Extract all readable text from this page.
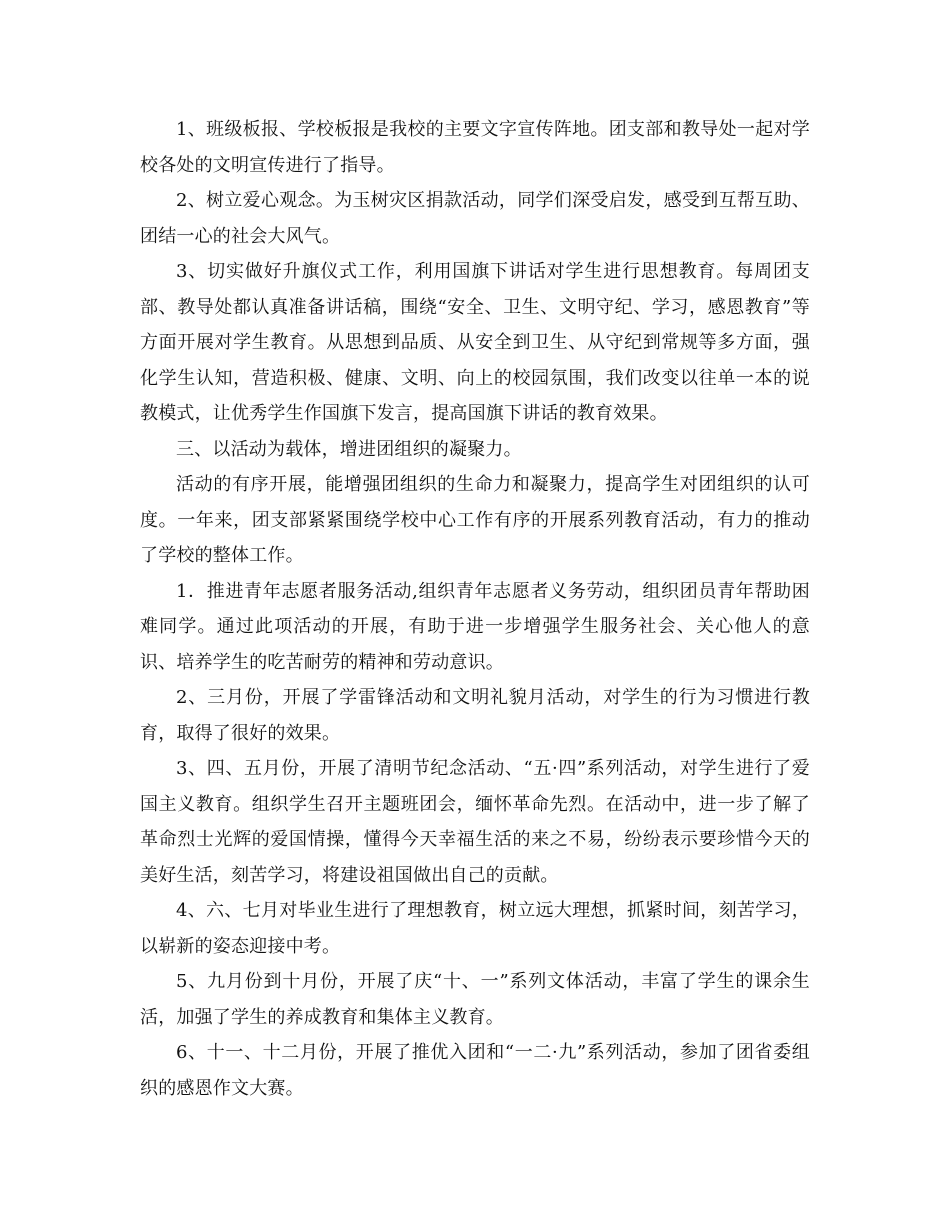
1、班级板报、学校板报是我校的主要文字宣传阵地。团支部和教导处一起对学校各处的文明宣传进行了指导。

2、树立爱心观念。为玉树灾区捐款活动，同学们深受启发，感受到互帮互助、团结一心的社会大风气。

3、切实做好升旗仪式工作，利用国旗下讲话对学生进行思想教育。每周团支部、教导处都认真准备讲话稿，围绕“安全、卫生、文明守纪、学习，感恩教育”等方面开展对学生教育。从思想到品质、从安全到卫生、从守纪到常规等多方面，强化学生认知，营造积极、健康、文明、向上的校园氛围，我们改变以往单一本的说教模式，让优秀学生作国旗下发言，提高国旗下讲话的教育效果。

三、以活动为载体，增进团组织的凝聚力。

活动的有序开展，能增强团组织的生命力和凝聚力，提高学生对团组织的认可度。一年来，团支部紧紧围绕学校中心工作有序的开展系列教育活动，有力的推动了学校的整体工作。

1．推进青年志愿者服务活动,组织青年志愿者义务劳动，组织团员青年帮助困难同学。通过此项活动的开展，有助于进一步增强学生服务社会、关心他人的意识、培养学生的吃苦耐劳的精神和劳动意识。

2、三月份，开展了学雷锋活动和文明礼貌月活动，对学生的行为习惯进行教育，取得了很好的效果。

3、四、五月份，开展了清明节纪念活动、“五·四”系列活动，对学生进行了爱国主义教育。组织学生召开主题班团会，缅怀革命先烈。在活动中，进一步了解了革命烈士光辉的爱国情操，懂得今天幸福生活的来之不易，纷纷表示要珍惜今天的美好生活，刻苦学习，将建设祖国做出自己的贡献。

4、六、七月对毕业生进行了理想教育，树立远大理想，抓紧时间，刻苦学习，以崭新的姿态迎接中考。

5、九月份到十月份，开展了庆“十、一”系列文体活动，丰富了学生的课余生活，加强了学生的养成教育和集体主义教育。

6、十一、十二月份，开展了推优入团和“一二·九”系列活动，参加了团省委组织的感恩作文大赛。
